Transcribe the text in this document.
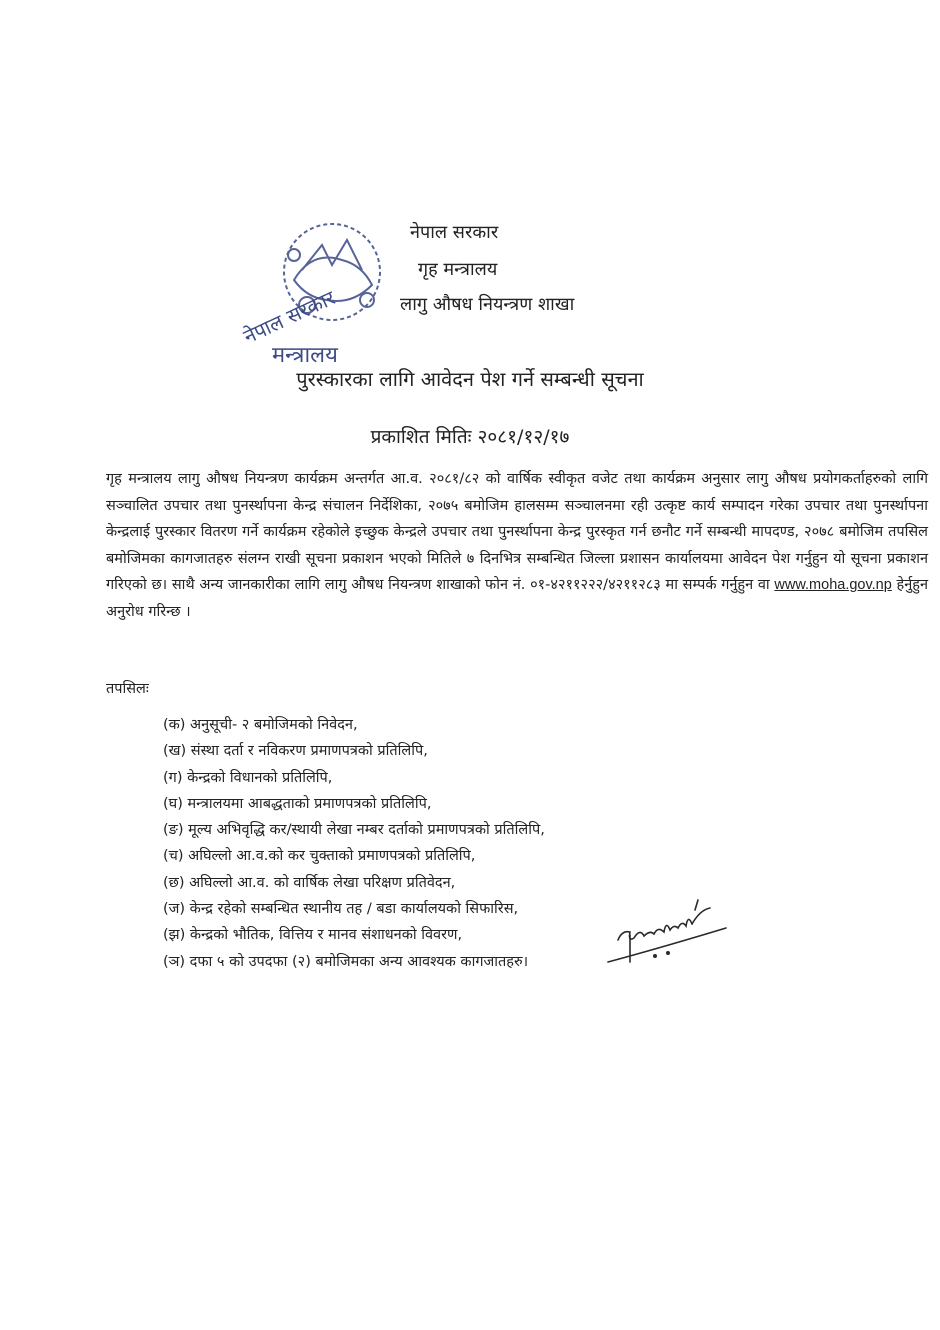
नेपाल सरकार
मन्त्रालय
नेपाल सरकार
गृह मन्त्रालय
लागु औषध नियन्त्रण शाखा
पुरस्कारका लागि आवेदन पेश गर्ने सम्बन्धी सूचना
प्रकाशित मितिः २०८१/१२/१७
गृह मन्त्रालय लागु औषध नियन्त्रण कार्यक्रम अन्तर्गत आ.व. २०८१/८२ को वार्षिक स्वीकृत वजेट तथा कार्यक्रम अनुसार लागु औषध प्रयोगकर्ताहरुको लागि सञ्चालित उपचार तथा पुनर्स्थापना केन्द्र संचालन निर्देशिका, २०७५ बमोजिम हालसम्म सञ्चालनमा रही उत्कृष्ट कार्य सम्पादन गरेका उपचार तथा पुनर्स्थापना केन्द्रलाई पुरस्कार वितरण गर्ने कार्यक्रम रहेकोले इच्छुक केन्द्रले उपचार तथा पुनर्स्थापना केन्द्र पुरस्कृत गर्न छनौट गर्ने सम्बन्धी मापदण्ड, २०७८ बमोजिम तपसिल बमोजिमका कागजातहरु संलग्न राखी सूचना प्रकाशन भएको मितिले ७ दिनभित्र सम्बन्धित जिल्ला प्रशासन कार्यालयमा आवेदन पेश गर्नुहुन यो सूचना प्रकाशन गरिएको छ। साथै अन्य जानकारीका लागि लागु औषध नियन्त्रण शाखाको फोन नं. ०१-४२११२२२/४२११२८३ मा सम्पर्क गर्नुहुन वा www.moha.gov.np हेर्नुहुन अनुरोध गरिन्छ ।
तपसिलः
(क) अनुसूची- २ बमोजिमको निवेदन,
(ख) संस्था दर्ता र नविकरण प्रमाणपत्रको प्रतिलिपि,
(ग) केन्द्रको विधानको प्रतिलिपि,
(घ) मन्त्रालयमा आबद्धताको प्रमाणपत्रको प्रतिलिपि,
(ङ) मूल्य अभिवृद्धि कर/स्थायी लेखा नम्बर दर्ताको प्रमाणपत्रको प्रतिलिपि,
(च) अघिल्लो आ.व.को कर चुक्ताको प्रमाणपत्रको प्रतिलिपि,
(छ) अघिल्लो आ.व. को वार्षिक लेखा परिक्षण प्रतिवेदन,
(ज) केन्द्र रहेको सम्बन्धित स्थानीय तह / बडा कार्यालयको सिफारिस,
(झ) केन्द्रको भौतिक, वित्तिय र मानव संशाधनको विवरण,
(ञ) दफा ५ को उपदफा (२) बमोजिमका अन्य आवश्यक कागजातहरु।
